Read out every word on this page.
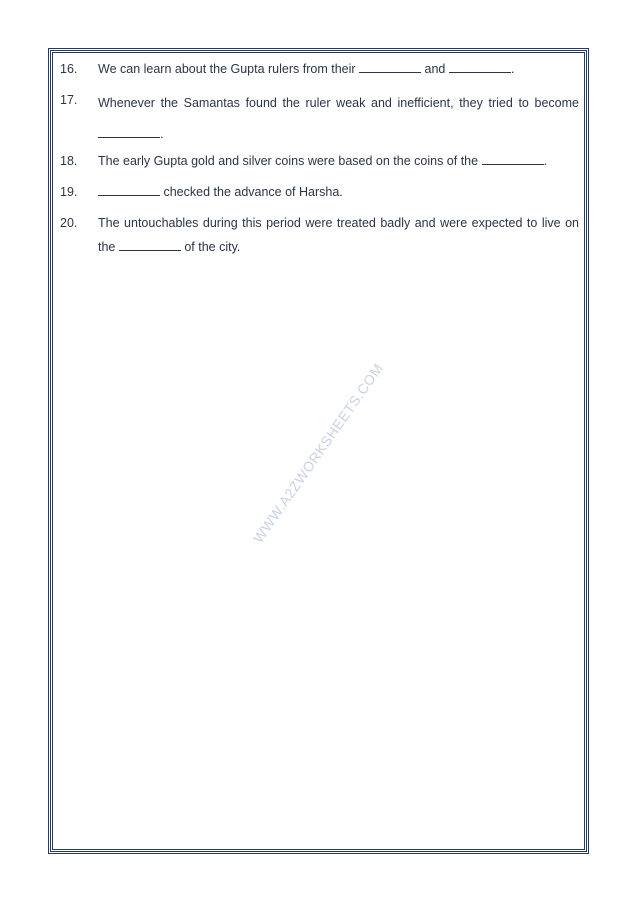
16. We can learn about the Gupta rulers from their	and	.
17. Whenever the Samantas found the ruler weak and inefficient, they tried to become .
18. The early Gupta gold and silver coins were based on the coins of the	.
19.	checked the advance of Harsha.
20. The untouchables during this period were treated badly and were expected to live on the	of the city.
WWW.A2ZWORKSHEETS.COM
